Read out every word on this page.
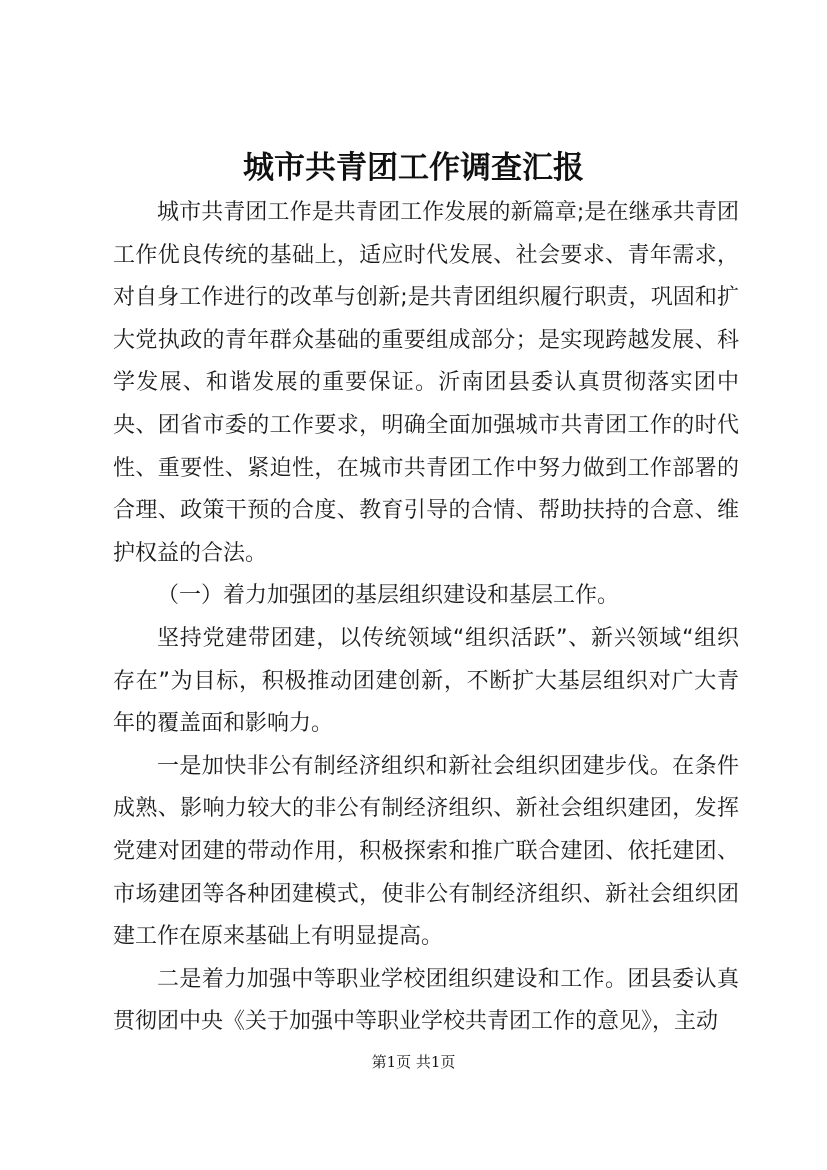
城市共青团工作调查汇报

城市共青团工作是共青团工作发展的新篇章;是在继承共青团工作优良传统的基础上，适应时代发展、社会要求、青年需求，对自身工作进行的改革与创新;是共青团组织履行职责，巩固和扩大党执政的青年群众基础的重要组成部分；是实现跨越发展、科学发展、和谐发展的重要保证。沂南团县委认真贯彻落实团中央、团省市委的工作要求，明确全面加强城市共青团工作的时代性、重要性、紧迫性，在城市共青团工作中努力做到工作部署的合理、政策干预的合度、教育引导的合情、帮助扶持的合意、维护权益的合法。

（一）着力加强团的基层组织建设和基层工作。

坚持党建带团建，以传统领域“组织活跃”、新兴领域“组织存在”为目标，积极推动团建创新，不断扩大基层组织对广大青年的覆盖面和影响力。

一是加快非公有制经济组织和新社会组织团建步伐。在条件成熟、影响力较大的非公有制经济组织、新社会组织建团，发挥党建对团建的带动作用，积极探索和推广联合建团、依托建团、市场建团等各种团建模式，使非公有制经济组织、新社会组织团建工作在原来基础上有明显提高。

二是着力加强中等职业学校团组织建设和工作。团县委认真贯彻团中央《关于加强中等职业学校共青团工作的意见》，主动

第1页 共1页
